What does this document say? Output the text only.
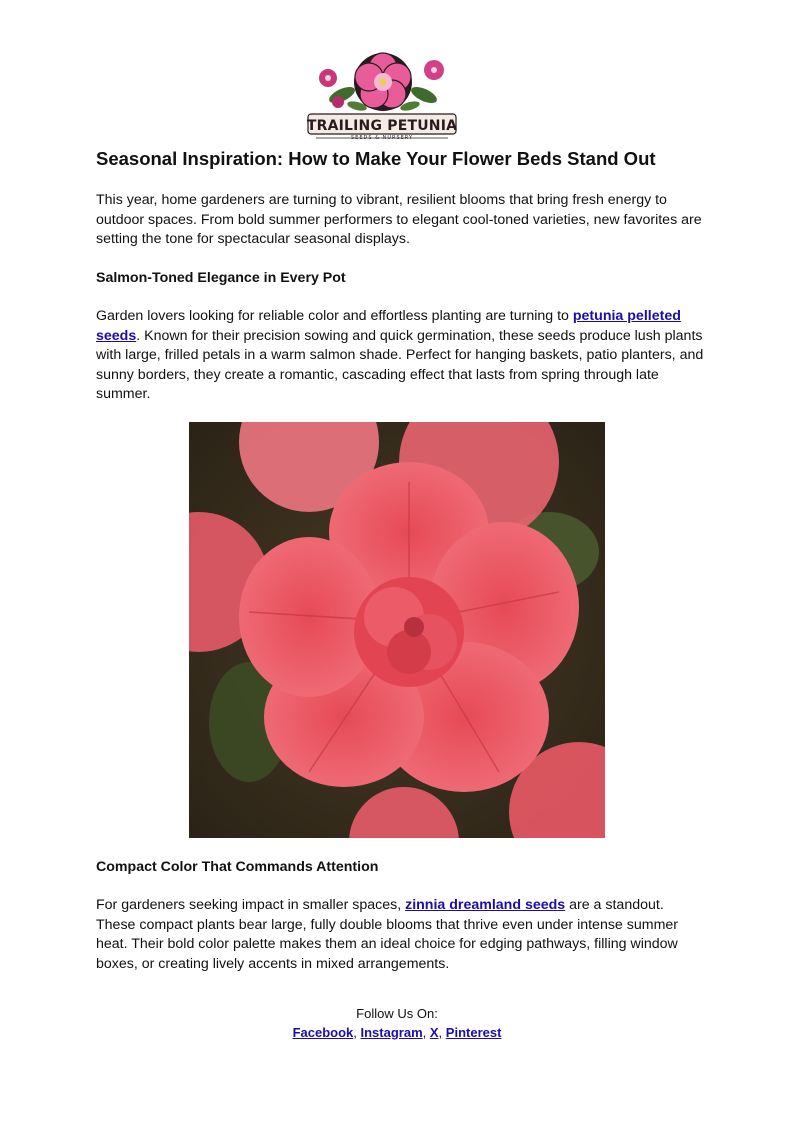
TRAILING PETUNIA
SEEDS & NURSERY
Seasonal Inspiration: How to Make Your Flower Beds Stand Out

This year, home gardeners are turning to vibrant, resilient blooms that bring fresh energy to outdoor spaces. From bold summer performers to elegant cool-toned varieties, new favorites are setting the tone for spectacular seasonal displays.

Salmon-Toned Elegance in Every Pot

Garden lovers looking for reliable color and effortless planting are turning to petunia pelleted seeds. Known for their precision sowing and quick germination, these seeds produce lush plants with large, frilled petals in a warm salmon shade. Perfect for hanging baskets, patio planters, and sunny borders, they create a romantic, cascading effect that lasts from spring through late summer.

Compact Color That Commands Attention

For gardeners seeking impact in smaller spaces, zinnia dreamland seeds are a standout. These compact plants bear large, fully double blooms that thrive even under intense summer heat. Their bold color palette makes them an ideal choice for edging pathways, filling window boxes, or creating lively accents in mixed arrangements.

Follow Us On:
Facebook, Instagram, X, Pinterest
